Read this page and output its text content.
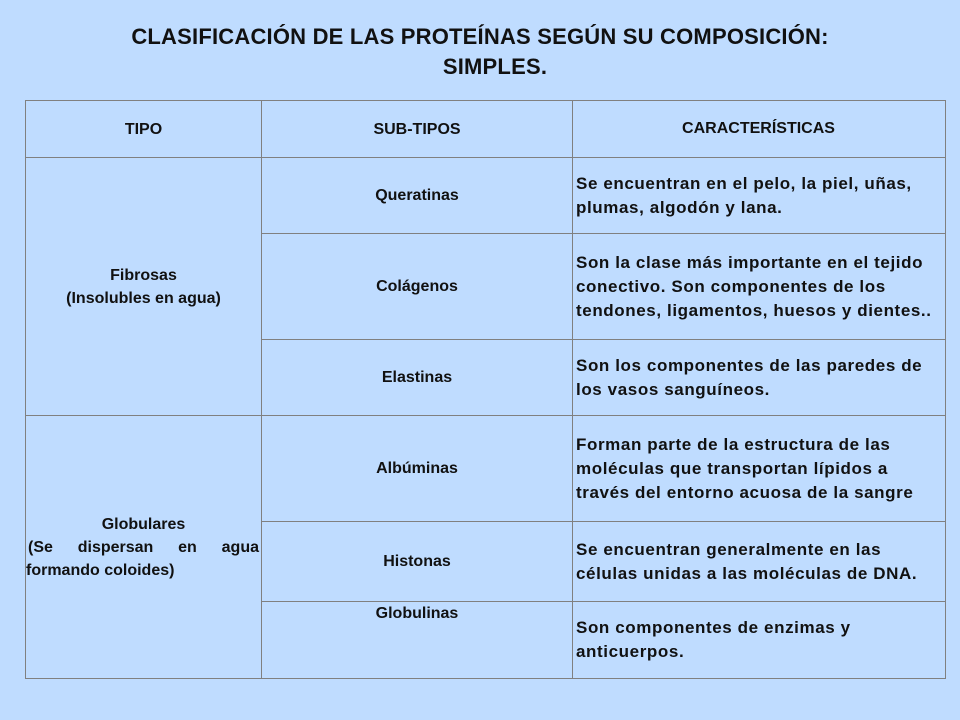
CLASIFICACIÓN DE LAS PROTEÍNAS SEGÚN SU COMPOSICIÓN:
SIMPLES.
TIPO	SUB-TIPOS	CARACTERÍSTICAS

Fibrosas
(Insolubles en agua)	Queratinas	Se encuentran en el pelo, la piel, uñas, plumas, algodón y lana.
	Colágenos	Son la clase más importante en el tejido conectivo. Son componentes de los tendones, ligamentos, huesos y dientes..
	Elastinas	Son los componentes de las paredes de los vasos sanguíneos.

Globulares
(Se dispersan en agua
formando coloides)	Albúminas	Forman parte de la estructura de las moléculas que transportan lípidos a través del entorno acuosa de la sangre
	Histonas	Se encuentran generalmente en las células unidas a las moléculas de DNA.
	Globulinas	Son componentes de enzimas y anticuerpos.
